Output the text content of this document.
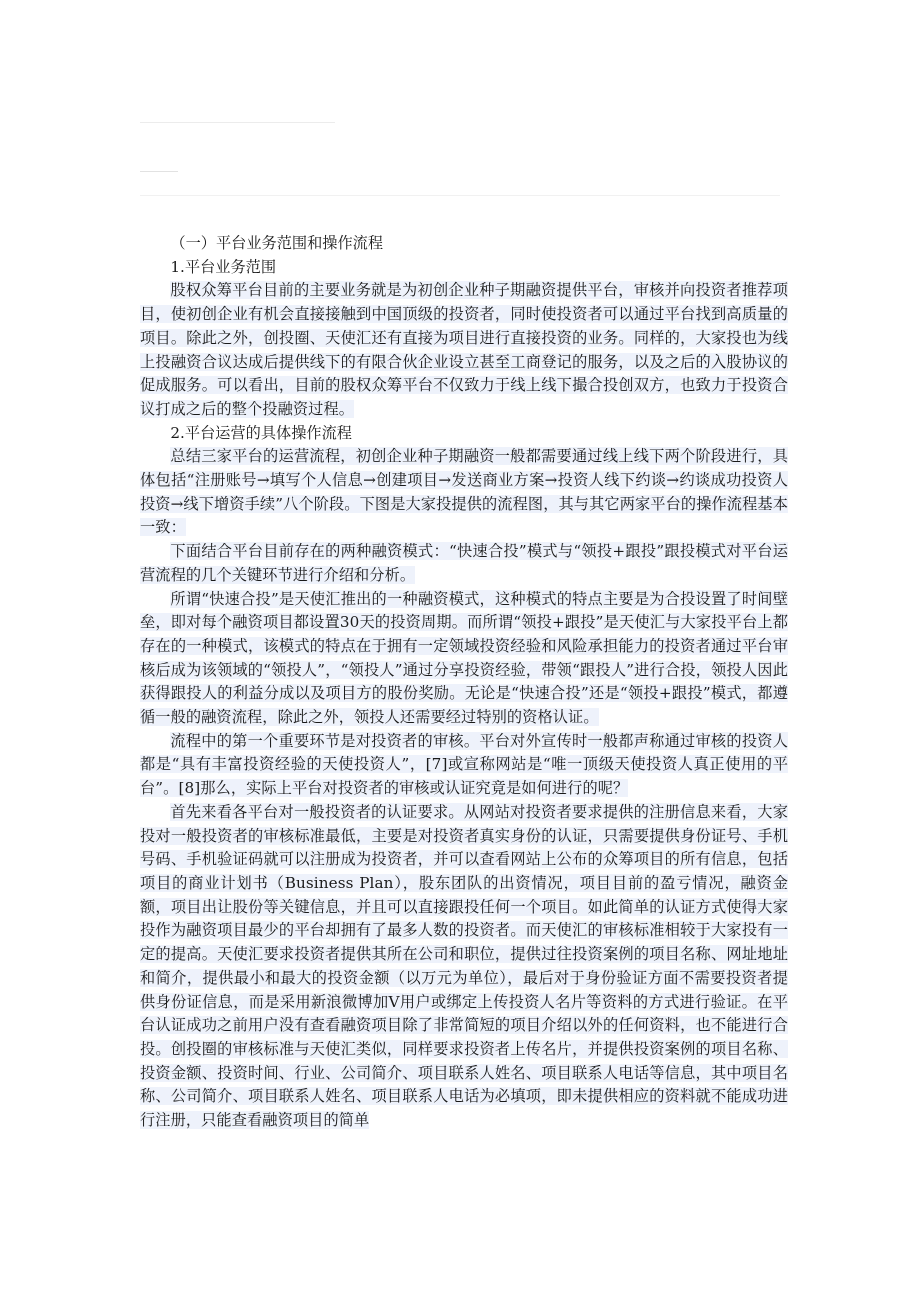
（一）平台业务范围和操作流程

1.平台业务范围

股权众筹平台目前的主要业务就是为初创企业种子期融资提供平台，审核并向投资者推荐项目，使初创企业有机会直接接触到中国顶级的投资者，同时使投资者可以通过平台找到高质量的项目。除此之外，创投圈、天使汇还有直接为项目进行直接投资的业务。同样的，大家投也为线上投融资合议达成后提供线下的有限合伙企业设立甚至工商登记的服务，以及之后的入股协议的促成服务。可以看出，目前的股权众筹平台不仅致力于线上线下撮合投创双方，也致力于投资合议打成之后的整个投融资过程。

2.平台运营的具体操作流程

总结三家平台的运营流程，初创企业种子期融资一般都需要通过线上线下两个阶段进行，具体包括“注册账号→填写个人信息→创建项目→发送商业方案→投资人线下约谈→约谈成功投资人投资→线下增资手续”八个阶段。下图是大家投提供的流程图，其与其它两家平台的操作流程基本一致：

下面结合平台目前存在的两种融资模式：“快速合投”模式与“领投+跟投”跟投模式对平台运营流程的几个关键环节进行介绍和分析。

所谓“快速合投”是天使汇推出的一种融资模式，这种模式的特点主要是为合投设置了时间壁垒，即对每个融资项目都设置30天的投资周期。而所谓“领投+跟投”是天使汇与大家投平台上都存在的一种模式，该模式的特点在于拥有一定领域投资经验和风险承担能力的投资者通过平台审核后成为该领域的“领投人”，“领投人”通过分享投资经验，带领“跟投人”进行合投，领投人因此获得跟投人的利益分成以及项目方的股份奖励。无论是“快速合投”还是“领投+跟投”模式，都遵循一般的融资流程，除此之外，领投人还需要经过特别的资格认证。

流程中的第一个重要环节是对投资者的审核。平台对外宣传时一般都声称通过审核的投资人都是“具有丰富投资经验的天使投资人”，[7]或宣称网站是“唯一顶级天使投资人真正使用的平台”。[8]那么，实际上平台对投资者的审核或认证究竟是如何进行的呢？

首先来看各平台对一般投资者的认证要求。从网站对投资者要求提供的注册信息来看，大家投对一般投资者的审核标准最低，主要是对投资者真实身份的认证，只需要提供身份证号、手机号码、手机验证码就可以注册成为投资者，并可以查看网站上公布的众筹项目的所有信息，包括项目的商业计划书（Business Plan），股东团队的出资情况，项目目前的盈亏情况，融资金额，项目出让股份等关键信息，并且可以直接跟投任何一个项目。如此简单的认证方式使得大家投作为融资项目最少的平台却拥有了最多人数的投资者。而天使汇的审核标准相较于大家投有一定的提高。天使汇要求投资者提供其所在公司和职位，提供过往投资案例的项目名称、网址地址和简介，提供最小和最大的投资金额（以万元为单位），最后对于身份验证方面不需要投资者提供身份证信息，而是采用新浪微博加V用户或绑定上传投资人名片等资料的方式进行验证。在平台认证成功之前用户没有查看融资项目除了非常简短的项目介绍以外的任何资料，也不能进行合投。创投圈的审核标准与天使汇类似，同样要求投资者上传名片，并提供投资案例的项目名称、投资金额、投资时间、行业、公司简介、项目联系人姓名、项目联系人电话等信息，其中项目名称、公司简介、项目联系人姓名、项目联系人电话为必填项，即未提供相应的资料就不能成功进行注册，只能查看融资项目的简单
